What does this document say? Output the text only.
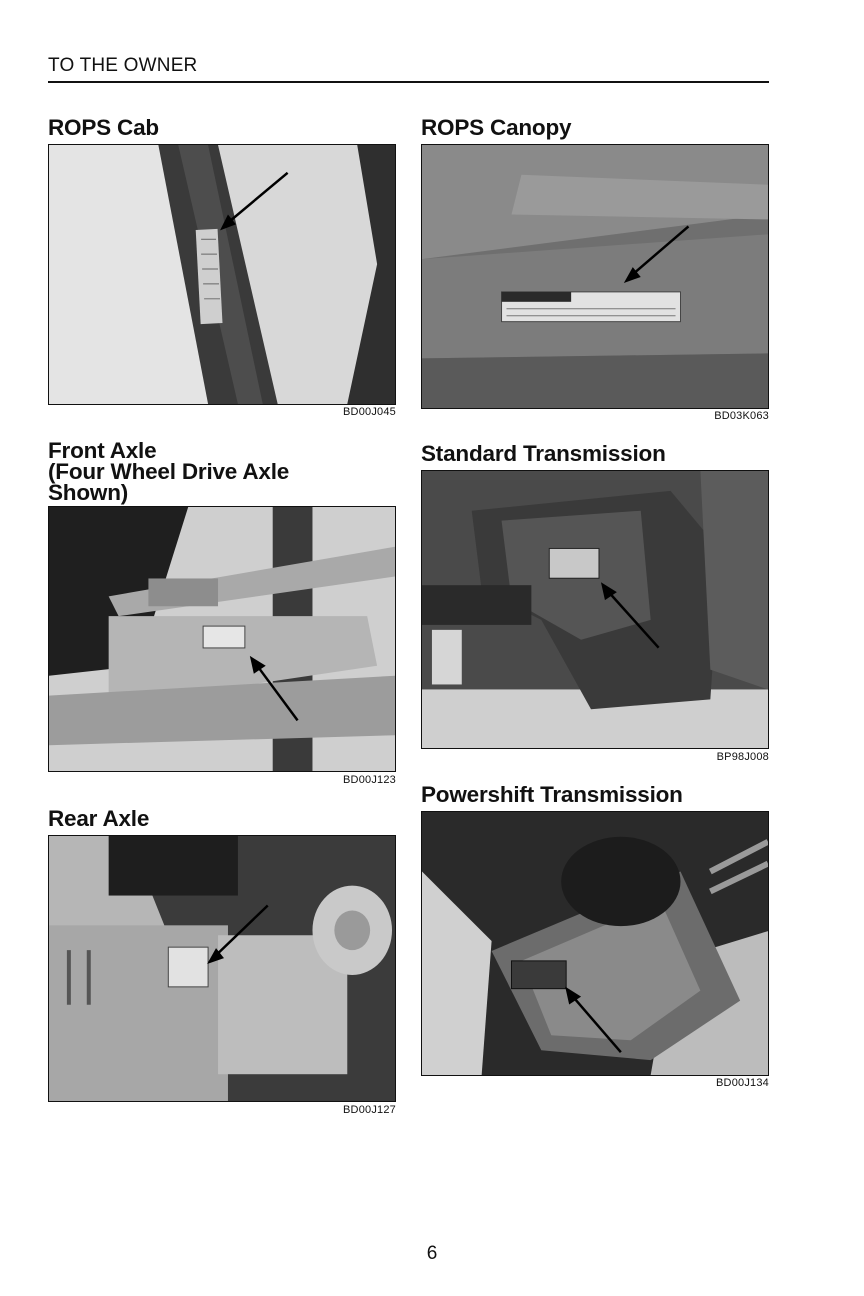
TO THE OWNER
ROPS Cab
BD00J045
ROPS Canopy
BD03K063
Front Axle
(Four Wheel Drive Axle
Shown)
BD00J123
Standard Transmission
BP98J008
Rear Axle
BD00J127
Powershift Transmission
BD00J134
6
